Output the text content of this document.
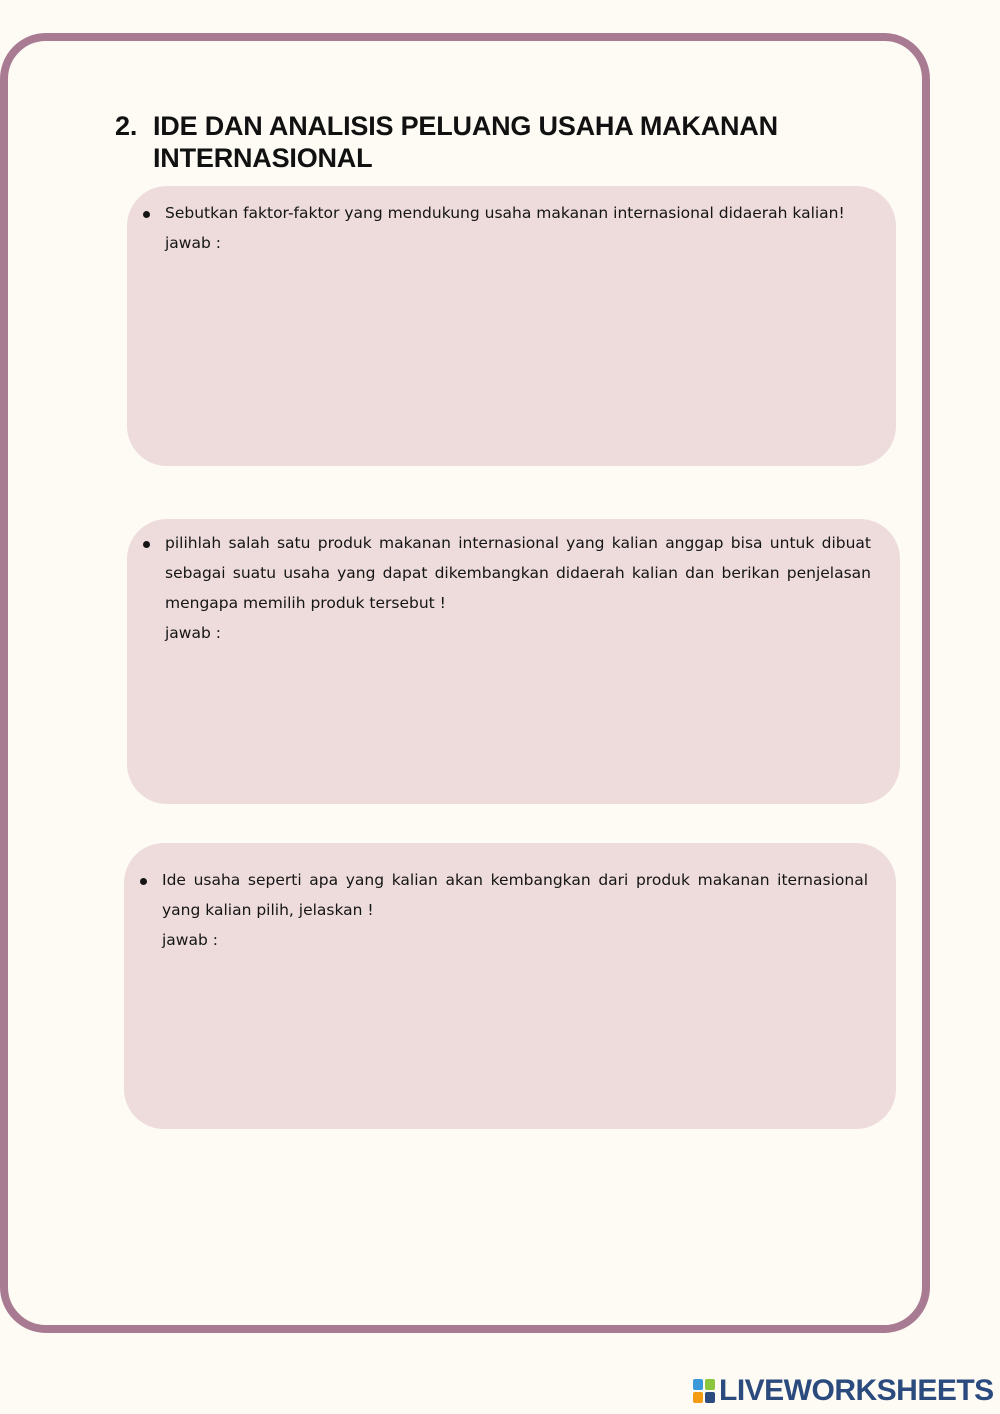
2. IDE DAN ANALISIS PELUANG USAHA MAKANAN INTERNASIONAL
Sebutkan faktor-faktor yang mendukung usaha makanan internasional didaerah kalian!
jawab :
pilihlah salah satu produk makanan internasional yang kalian anggap bisa untuk dibuat sebagai suatu usaha yang dapat dikembangkan didaerah kalian dan berikan penjelasan mengapa memilih produk tersebut !
jawab :
Ide usaha seperti apa yang kalian akan kembangkan dari produk makanan iternasional yang kalian pilih, jelaskan !
jawab :
LIVEWORKSHEETS
